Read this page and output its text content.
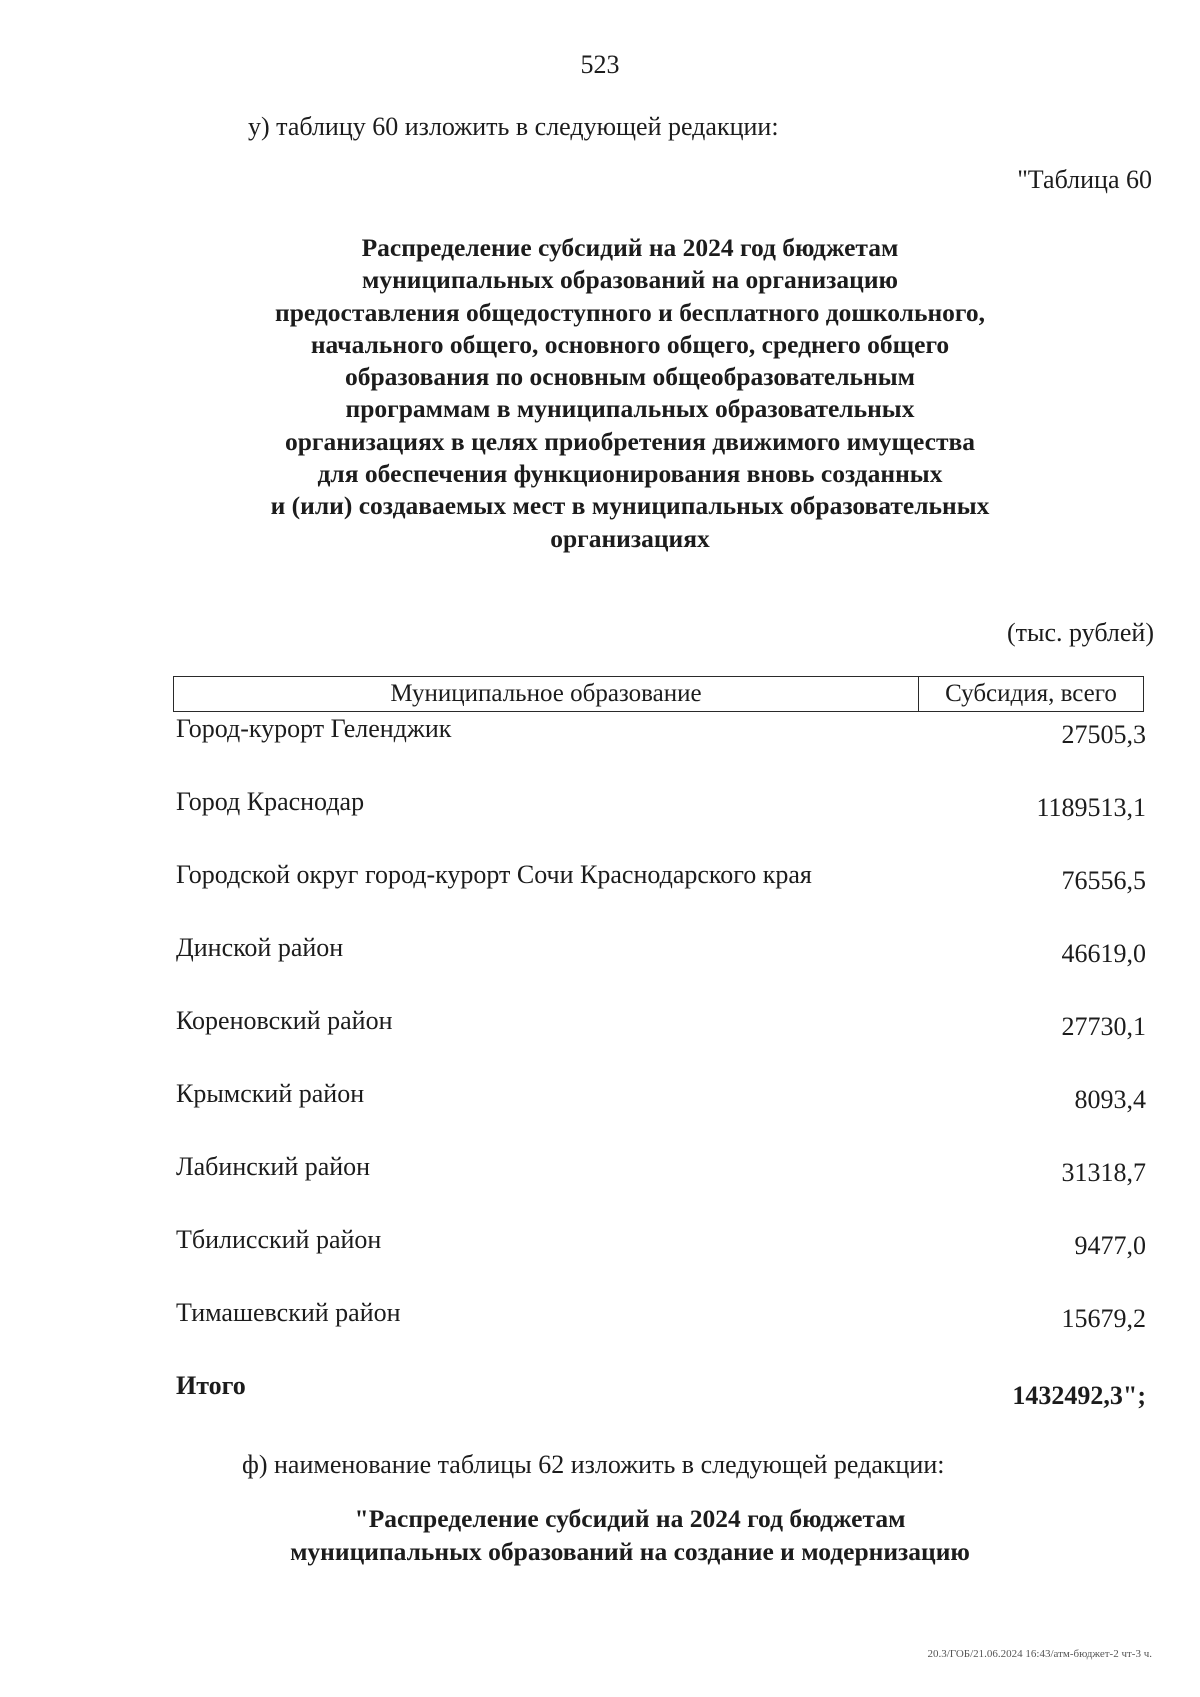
523
у) таблицу 60 изложить в следующей редакции:
"Таблица 60
Распределение субсидий на 2024 год бюджетам
муниципальных образований на организацию
предоставления общедоступного и бесплатного дошкольного,
начального общего, основного общего, среднего общего
образования по основным общеобразовательным
программам в муниципальных образовательных
организациях в целях приобретения движимого имущества
для обеспечения функционирования вновь созданных
и (или) создаваемых мест в муниципальных образовательных
организациях
(тыс. рублей)
Муниципальное образование	Субсидия, всего
Город-курорт Геленджик	27505,3
Город Краснодар	1189513,1
Городской округ город-курорт Сочи Краснодарского края	76556,5
Динской район	46619,0
Кореновский район	27730,1
Крымский район	8093,4
Лабинский район	31318,7
Тбилисский район	9477,0
Тимашевский район	15679,2
Итого	1432492,3";
ф) наименование таблицы 62 изложить в следующей редакции:
"Распределение субсидий на 2024 год бюджетам
муниципальных образований на создание и модернизацию
20.3/ГОБ/21.06.2024 16:43/атм-бюджет-2 чт-3 ч.
